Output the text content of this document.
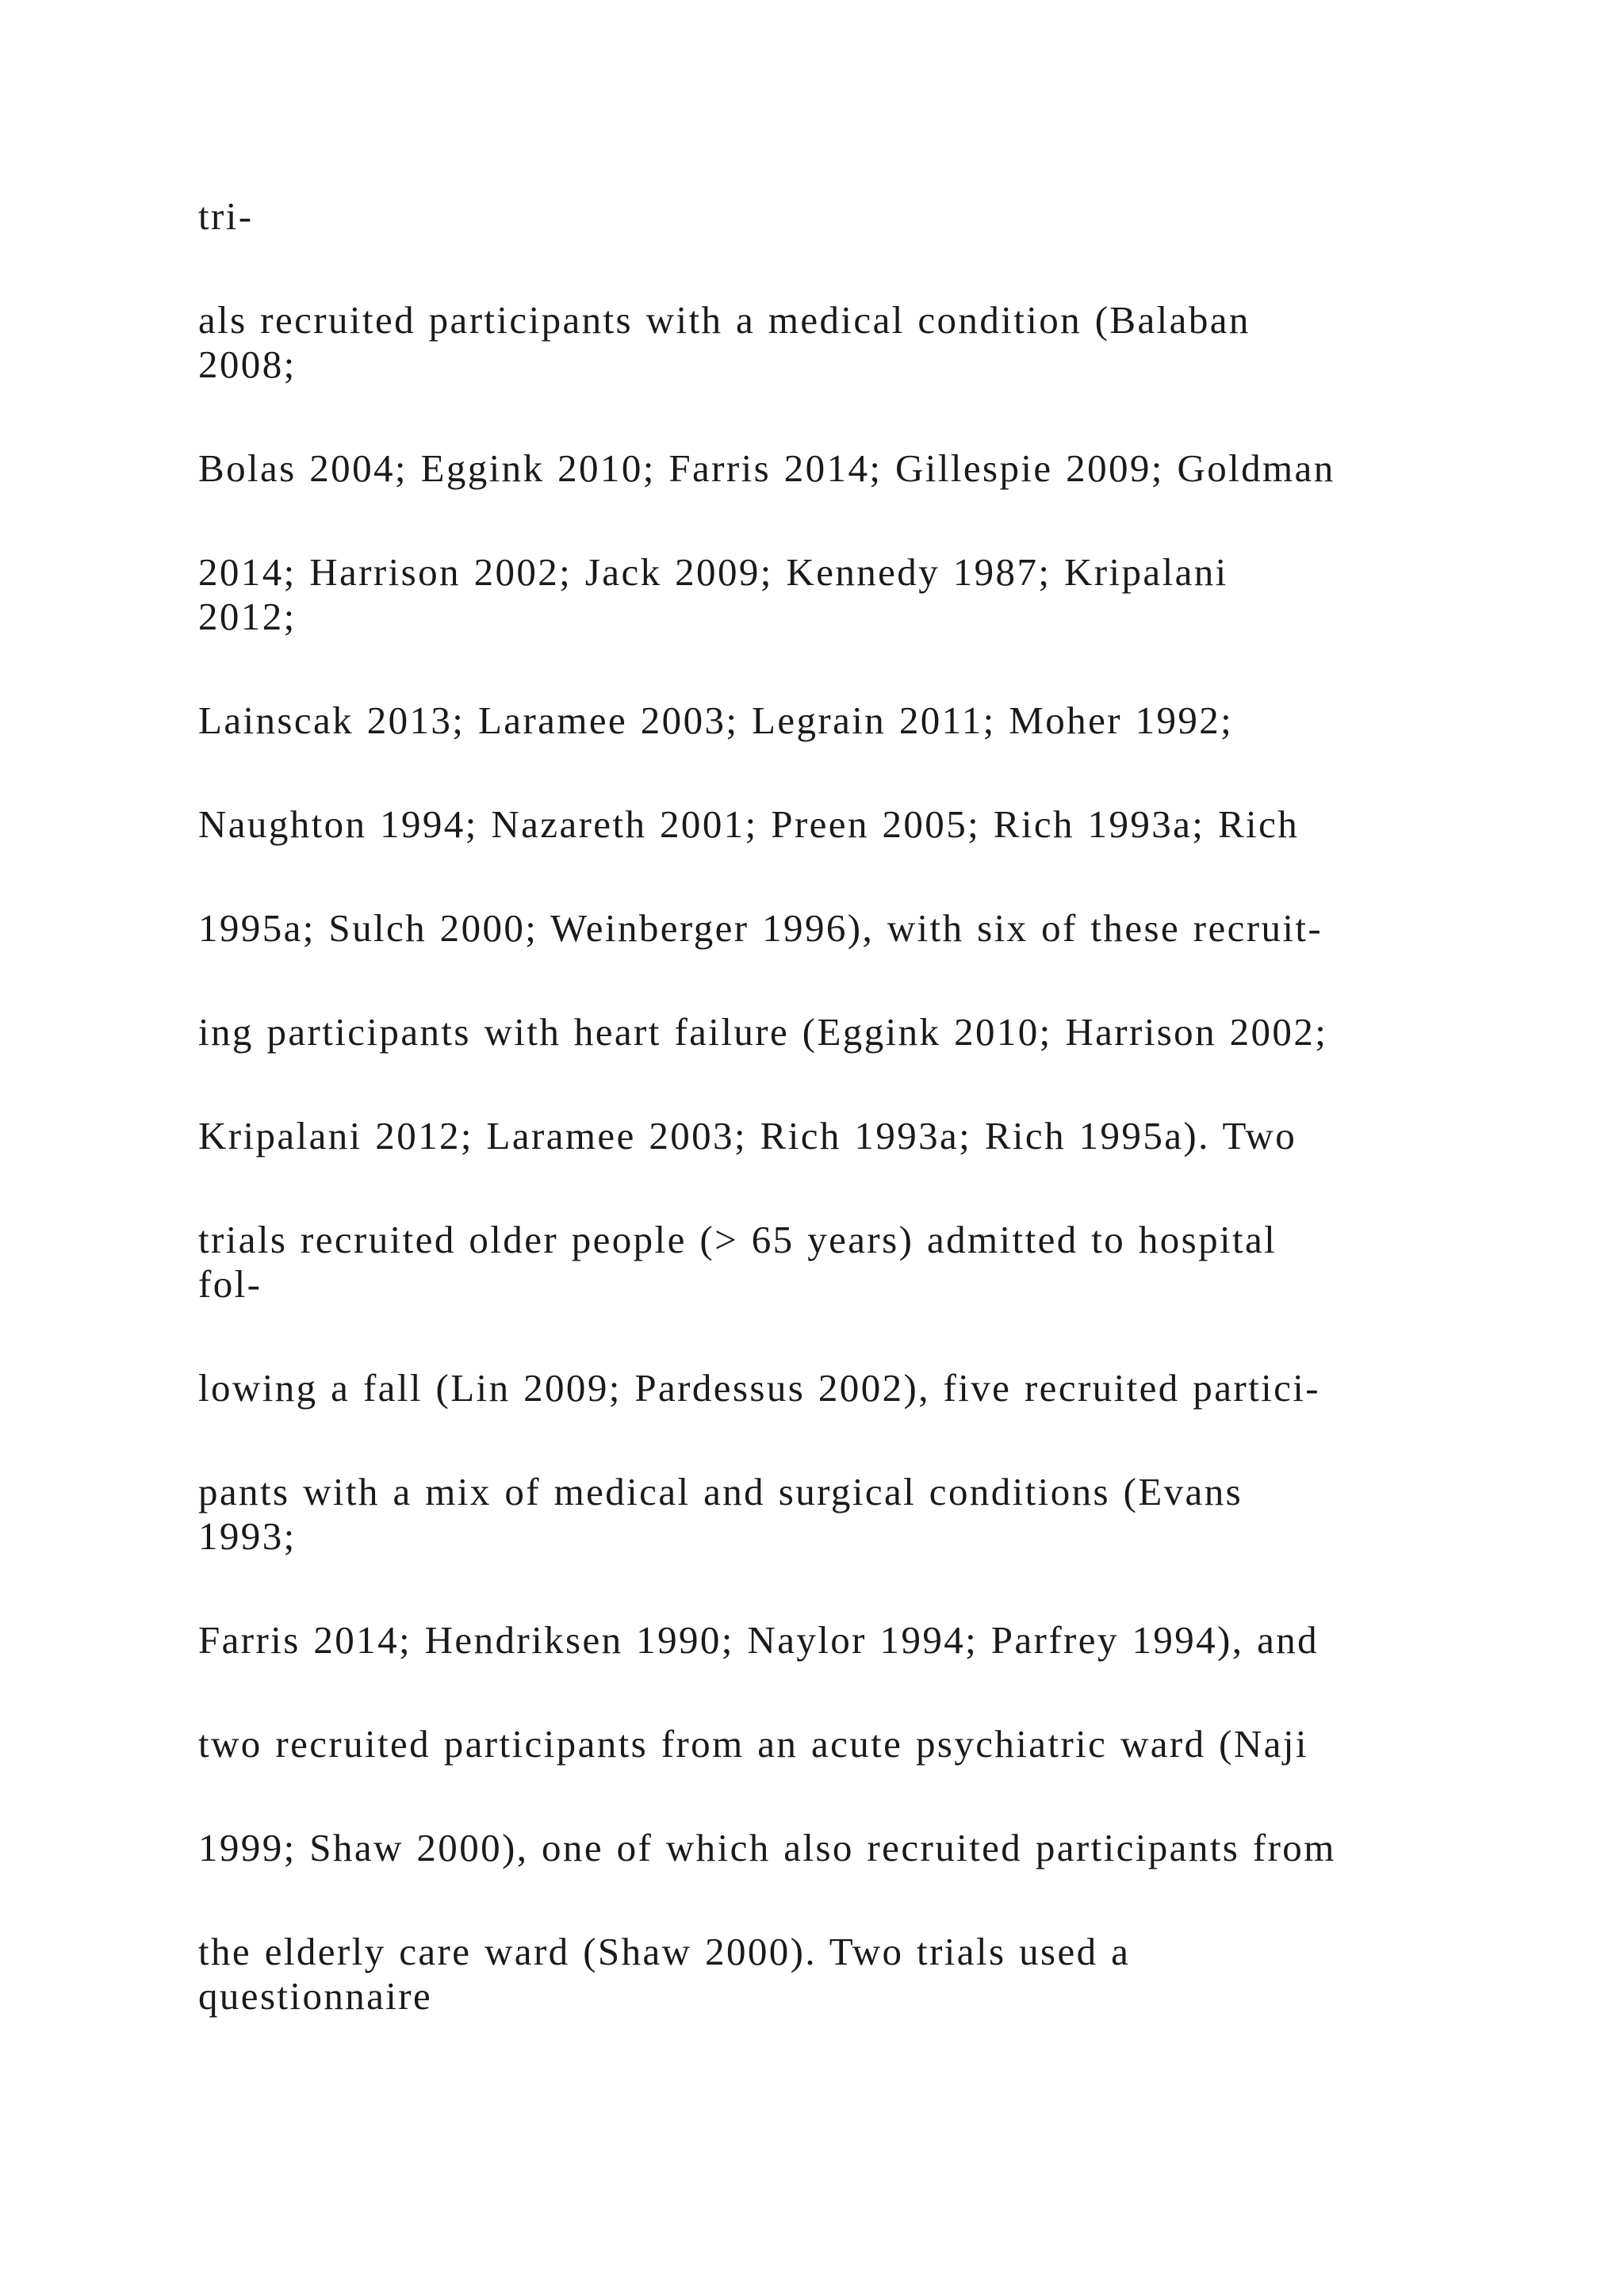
tri-

als recruited participants with a medical condition (Balaban
2008;

Bolas 2004; Eggink 2010; Farris 2014; Gillespie 2009; Goldman

2014; Harrison 2002; Jack 2009; Kennedy 1987; Kripalani
2012;

Lainscak 2013; Laramee 2003; Legrain 2011; Moher 1992;

Naughton 1994; Nazareth 2001; Preen 2005; Rich 1993a; Rich

1995a; Sulch 2000; Weinberger 1996), with six of these recruit-

ing participants with heart failure (Eggink 2010; Harrison 2002;

Kripalani 2012; Laramee 2003; Rich 1993a; Rich 1995a). Two

trials recruited older people (> 65 years) admitted to hospital
fol-

lowing a fall (Lin 2009; Pardessus 2002), five recruited partici-

pants with a mix of medical and surgical conditions (Evans
1993;

Farris 2014; Hendriksen 1990; Naylor 1994; Parfrey 1994), and

two recruited participants from an acute psychiatric ward (Naji

1999; Shaw 2000), one of which also recruited participants from

the elderly care ward (Shaw 2000). Two trials used a
questionnaire
